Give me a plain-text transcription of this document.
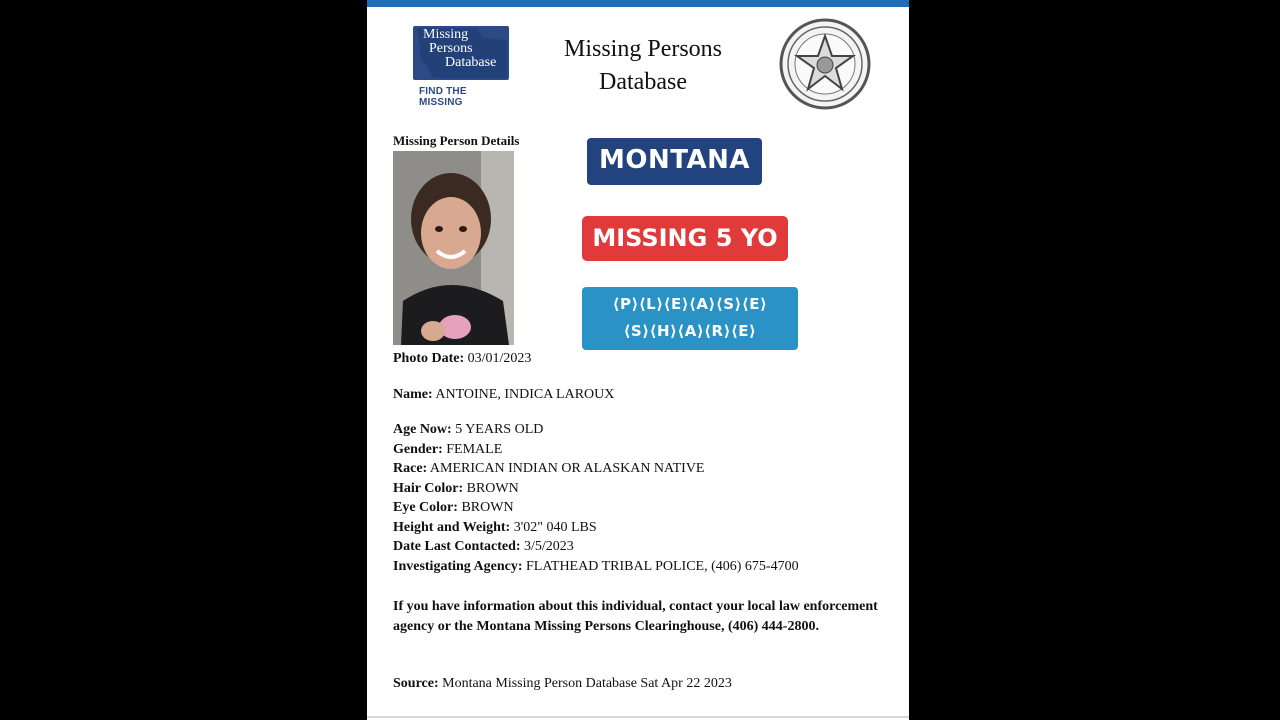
Missing
Persons
Database
FIND THE MISSING
Missing Persons
Database
Missing Person Details
MONTANA
MISSING 5 YO
⟨P⟩⟨L⟩⟨E⟩⟨A⟩⟨S⟩⟨E⟩
⟨S⟩⟨H⟩⟨A⟩⟨R⟩⟨E⟩
Photo Date: 03/01/2023
Name: ANTOINE, INDICA LAROUX
Age Now: 5 YEARS OLD
Gender: FEMALE
Race: AMERICAN INDIAN OR ALASKAN NATIVE
Hair Color: BROWN
Eye Color: BROWN
Height and Weight: 3'02" 040 LBS
Date Last Contacted: 3/5/2023
Investigating Agency: FLATHEAD TRIBAL POLICE, (406) 675-4700
If you have information about this individual, contact your local law enforcement agency or the Montana Missing Persons Clearinghouse, (406) 444-2800.
Source: Montana Missing Person Database Sat Apr 22 2023
